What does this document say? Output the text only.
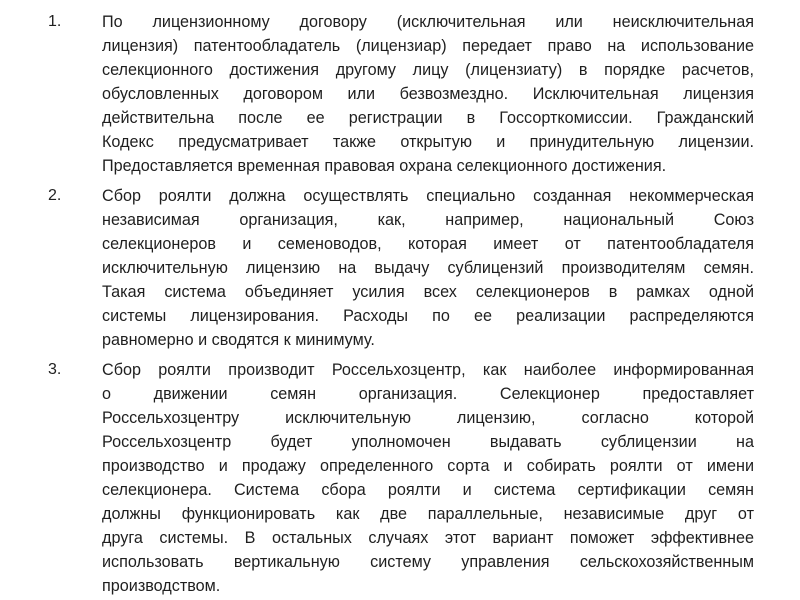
1.	По лицензионному договору (исключительная или неисключительная
лицензия) патентообладатель (лицензиар) передает право на использование
селекционного достижения другому лицу (лицензиату) в порядке расчетов,
обусловленных договором или безвозмездно. Исключительная лицензия
действительна после ее регистрации в Госсорткомиссии. Гражданский
Кодекс предусматривает также открытую и принудительную лицензии.
Предоставляется временная правовая охрана селекционного достижения.
2.	Сбор роялти должна осуществлять специально созданная некоммерческая
независимая организация, как, например, национальный Союз
селекционеров и семеноводов, которая имеет от патентообладателя
исключительную лицензию на выдачу сублицензий производителям семян.
Такая система объединяет усилия всех селекционеров в рамках одной
системы лицензирования. Расходы по ее реализации распределяются
равномерно и сводятся к минимуму.
3.	Сбор роялти производит Россельхозцентр, как наиболее информированная
о движении семян организация. Селекционер предоставляет
Россельхозцентру исключительную лицензию, согласно которой
Россельхозцентр будет уполномочен выдавать сублицензии на
производство и продажу определенного сорта и собирать роялти от имени
селекционера. Система сбора роялти и система сертификации семян
должны функционировать как две параллельные, независимые друг от
друга системы. В остальных случаях этот вариант поможет эффективнее
использовать вертикальную систему управления сельскохозяйственным
производством.
